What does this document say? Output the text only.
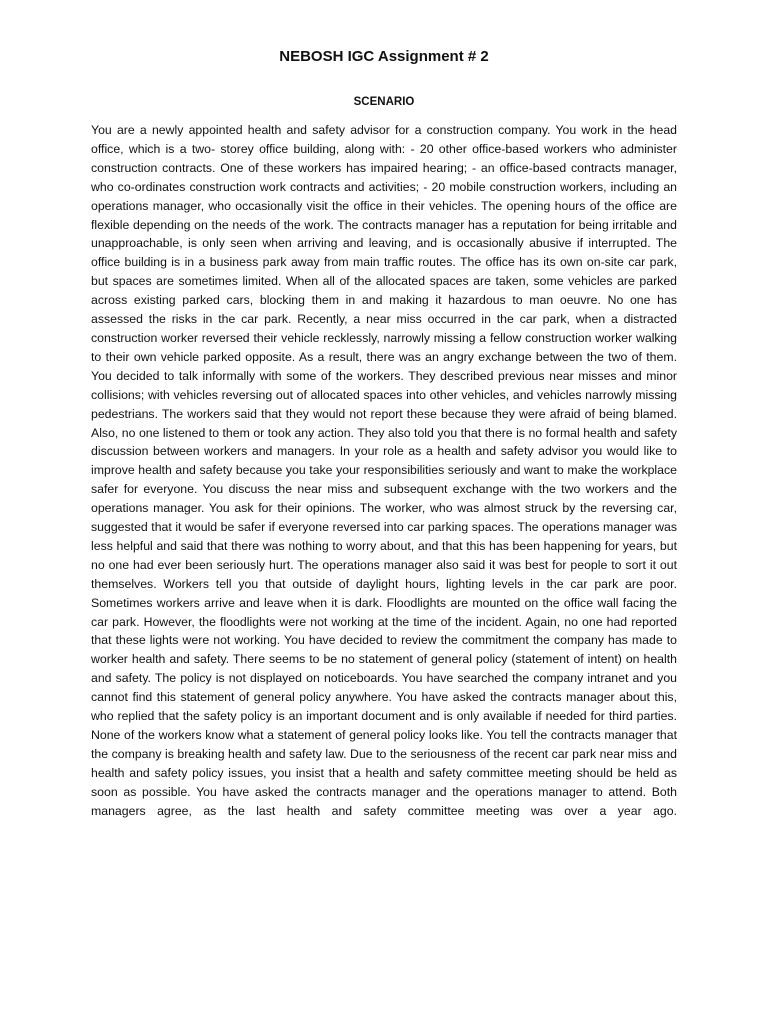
NEBOSH IGC Assignment # 2
SCENARIO

You are a newly appointed health and safety advisor for a construction company. You work in the head office, which is a two- storey office building, along with: - 20 other office-based workers who administer construction contracts. One of these workers has impaired hearing; - an office-based contracts manager, who co-ordinates construction work contracts and activities; - 20 mobile construction workers, including an operations manager, who occasionally visit the office in their vehicles. The opening hours of the office are flexible depending on the needs of the work. The contracts manager has a reputation for being irritable and unapproachable, is only seen when arriving and leaving, and is occasionally abusive if interrupted. The office building is in a business park away from main traffic routes. The office has its own on-site car park, but spaces are sometimes limited. When all of the allocated spaces are taken, some vehicles are parked across existing parked cars, blocking them in and making it hazardous to man oeuvre. No one has assessed the risks in the car park. Recently, a near miss occurred in the car park, when a distracted construction worker reversed their vehicle recklessly, narrowly missing a fellow construction worker walking to their own vehicle parked opposite. As a result, there was an angry exchange between the two of them. You decided to talk informally with some of the workers. They described previous near misses and minor collisions; with vehicles reversing out of allocated spaces into other vehicles, and vehicles narrowly missing pedestrians. The workers said that they would not report these because they were afraid of being blamed. Also, no one listened to them or took any action. They also told you that there is no formal health and safety discussion between workers and managers. In your role as a health and safety advisor you would like to improve health and safety because you take your responsibilities seriously and want to make the workplace safer for everyone. You discuss the near miss and subsequent exchange with the two workers and the operations manager. You ask for their opinions. The worker, who was almost struck by the reversing car, suggested that it would be safer if everyone reversed into car parking spaces. The operations manager was less helpful and said that there was nothing to worry about, and that this has been happening for years, but no one had ever been seriously hurt. The operations manager also said it was best for people to sort it out themselves. Workers tell you that outside of daylight hours, lighting levels in the car park are poor. Sometimes workers arrive and leave when it is dark. Floodlights are mounted on the office wall facing the car park. However, the floodlights were not working at the time of the incident. Again, no one had reported that these lights were not working. You have decided to review the commitment the company has made to worker health and safety. There seems to be no statement of general policy (statement of intent) on health and safety. The policy is not displayed on noticeboards. You have searched the company intranet and you cannot find this statement of general policy anywhere. You have asked the contracts manager about this, who replied that the safety policy is an important document and is only available if needed for third parties. None of the workers know what a statement of general policy looks like. You tell the contracts manager that the company is breaking health and safety law. Due to the seriousness of the recent car park near miss and health and safety policy issues, you insist that a health and safety committee meeting should be held as soon as possible. You have asked the contracts manager and the operations manager to attend. Both managers agree, as the last health and safety committee meeting was over a year ago.
